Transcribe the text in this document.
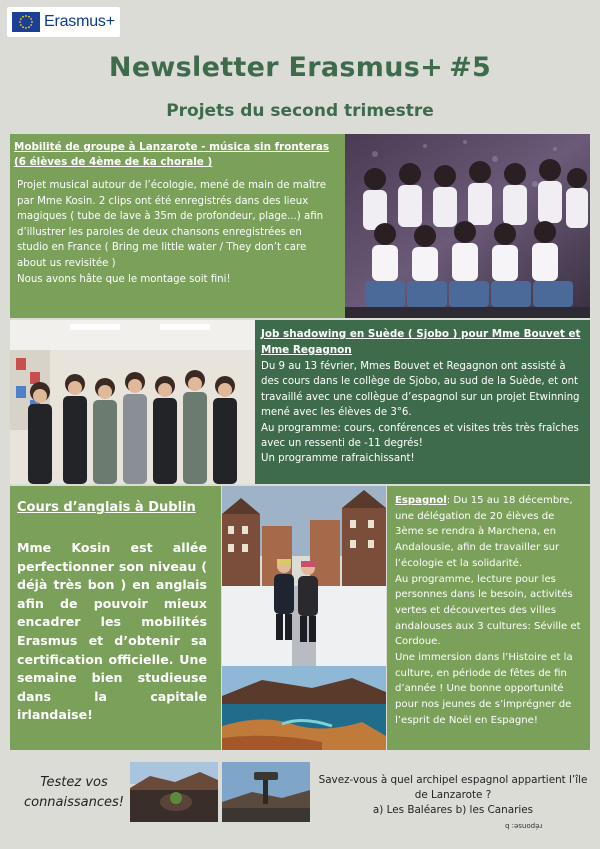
Erasmus+
Newsletter Erasmus+ #5
Projets du second trimestre
Mobilité de groupe à Lanzarote - música sin fronteras
(6 élèves de 4ème de ka chorale )

Projet musical autour de l’écologie, mené de main de maître par Mme Kosin. 2 clips ont été enregistrés dans des lieux magiques ( tube de lave à 35m de profondeur, plage...) afin d’illustrer les paroles de deux chansons enregistrées en studio en France ( Bring me little water / They don’t care about us revisitée )

Nous avons hâte que le montage soit fini!

Job shadowing en Suède ( Sjobo ) pour Mme Bouvet et Mme Regagnon

Du 9 au 13 février, Mmes Bouvet et Regagnon ont assisté à des cours dans le collège de Sjobo, au sud de la Suède, et ont travaillé avec une collègue d’espagnol sur un projet Etwinning mené avec les élèves de 3°6.

Au programme: cours, conférences et visites très très fraîches avec un ressenti de -11 degrés!

Un programme rafraichissant!

Cours d’anglais à Dublin
Mme Kosin est allée perfectionner son niveau ( déjà très bon ) en anglais afin de pouvoir mieux encadrer les mobilités Erasmus et d’obtenir sa certification officielle. Une semaine bien studieuse dans la capitale irlandaise!

Espagnol: Du 15 au 18 décembre, une délégation de 20 élèves de 3ème se rendra à Marchena, en Andalousie, afin de travailler sur l’écologie et la solidarité.

Au programme, lecture pour les personnes dans le besoin, activités vertes et découvertes des villes andalouses aux 3 cultures: Séville et Cordoue.

Une immersion dans l’Histoire et la culture, en période de fêtes de fin d’année ! Une bonne opportunité pour nos jeunes de s’imprégner de l’esprit de Noël en Espagne!

Testez vos
connaissances!
Savez-vous à quel archipel espagnol appartient l’île de Lanzarote ?
a) Les Baléares b) les Canaries
réponse: b
